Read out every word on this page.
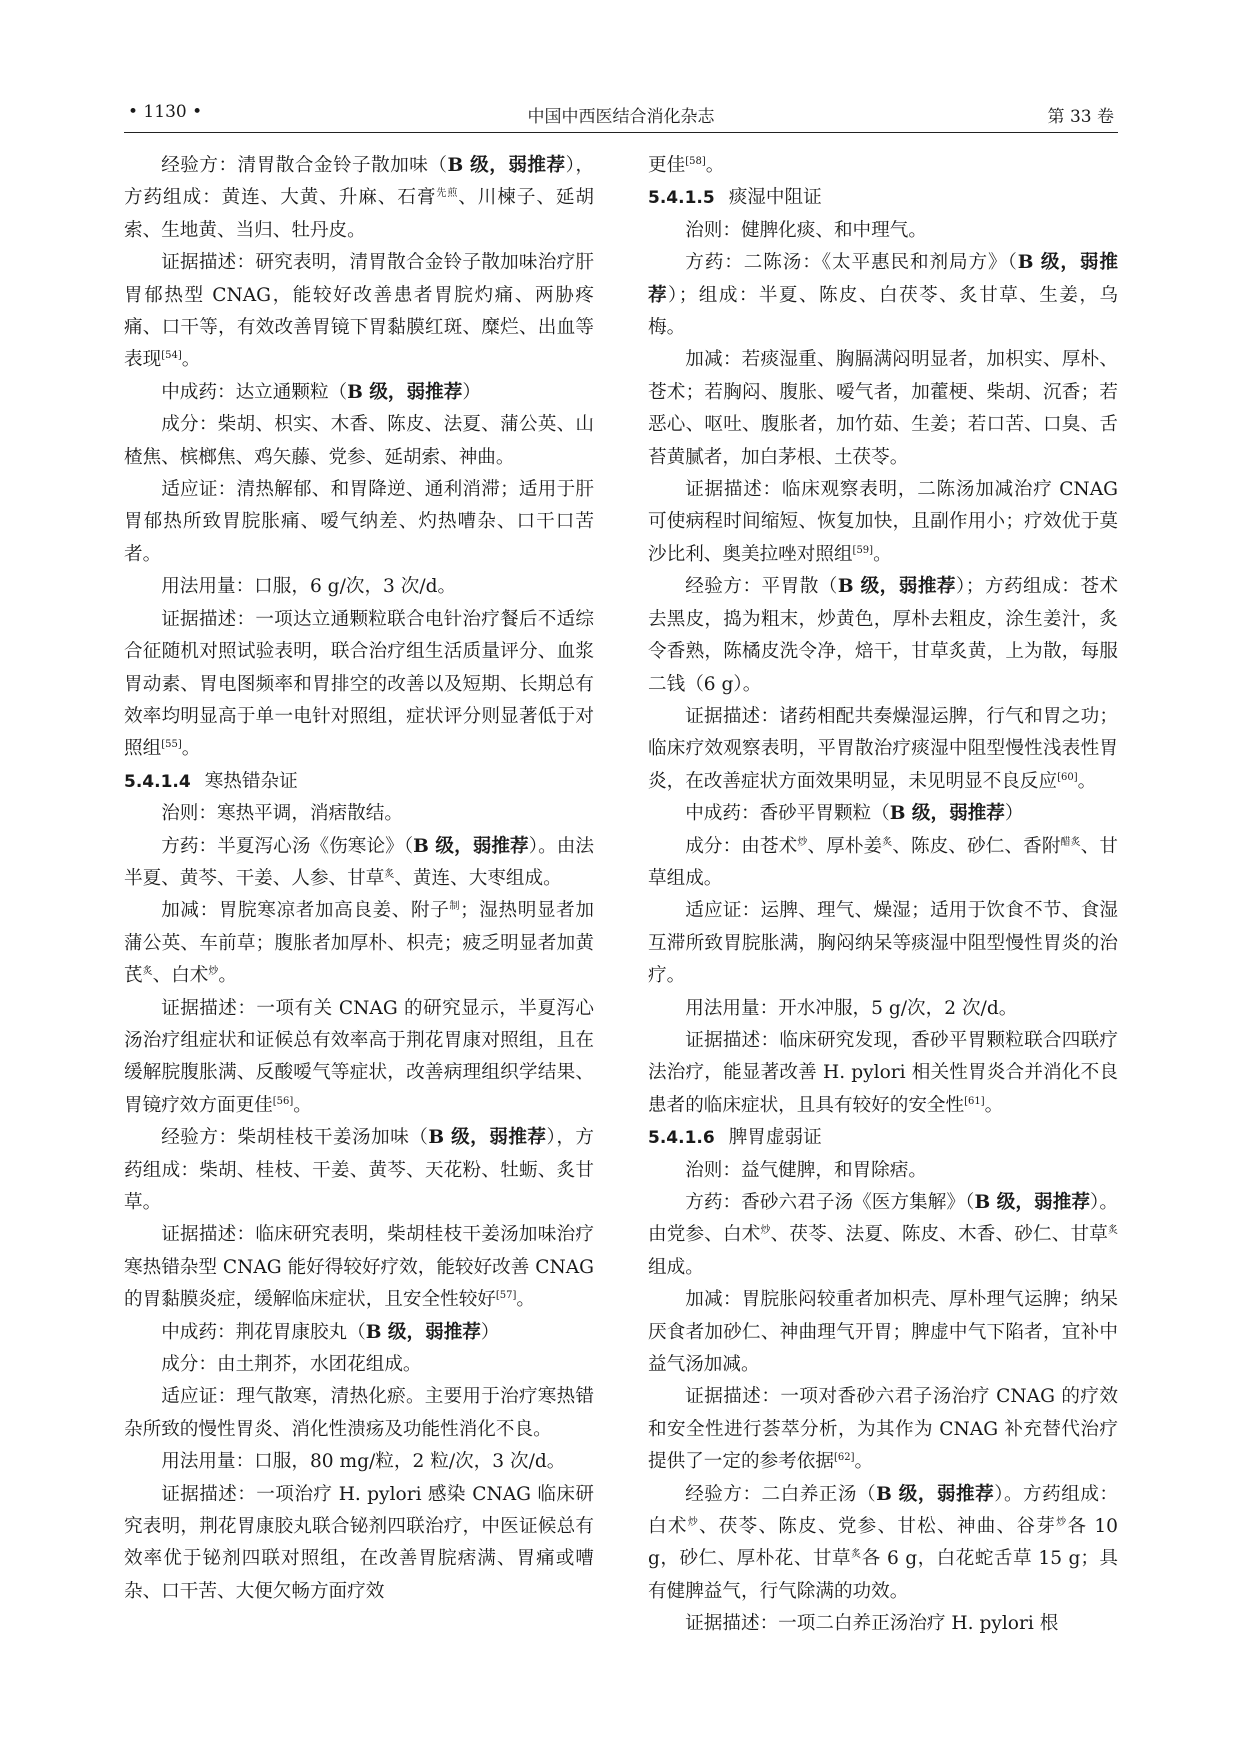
• 1130 •	中国中西医结合消化杂志	第 33 卷

经验方：清胃散合金铃子散加味（B 级，弱推荐），方药组成：黄连、大黄、升麻、石膏$^{先煎}$、川楝子、延胡索、生地黄、当归、牡丹皮。

证据描述：研究表明，清胃散合金铃子散加味治疗肝胃郁热型 CNAG，能较好改善患者胃脘灼痛、两胁疼痛、口干等，有效改善胃镜下胃黏膜红斑、糜烂、出血等表现[54]。

中成药：达立通颗粒（B 级，弱推荐）

成分：柴胡、枳实、木香、陈皮、法夏、蒲公英、山楂焦、槟榔焦、鸡矢藤、党参、延胡索、神曲。

适应证：清热解郁、和胃降逆、通利消滞；适用于肝胃郁热所致胃脘胀痛、嗳气纳差、灼热嘈杂、口干口苦者。

用法用量：口服，6 g/次，3 次/d。

证据描述：一项达立通颗粒联合电针治疗餐后不适综合征随机对照试验表明，联合治疗组生活质量评分、血浆胃动素、胃电图频率和胃排空的改善以及短期、长期总有效率均明显高于单一电针对照组，症状评分则显著低于对照组[55]。

5.4.1.4 寒热错杂证

治则：寒热平调，消痞散结。

方药：半夏泻心汤《伤寒论》（B 级，弱推荐）。由法半夏、黄芩、干姜、人参、甘草$^炙$、黄连、大枣组成。

加减：胃脘寒凉者加高良姜、附子$^制$；湿热明显者加蒲公英、车前草；腹胀者加厚朴、枳壳；疲乏明显者加黄芪$^炙$、白术$^炒$。

证据描述：一项有关 CNAG 的研究显示，半夏泻心汤治疗组症状和证候总有效率高于荆花胃康对照组，且在缓解脘腹胀满、反酸嗳气等症状，改善病理组织学结果、胃镜疗效方面更佳[56]。

经验方：柴胡桂枝干姜汤加味（B 级，弱推荐），方药组成：柴胡、桂枝、干姜、黄芩、天花粉、牡蛎、炙甘草。

证据描述：临床研究表明，柴胡桂枝干姜汤加味治疗寒热错杂型 CNAG 能好得较好疗效，能较好改善 CNAG 的胃黏膜炎症，缓解临床症状，且安全性较好[57]。

中成药：荆花胃康胶丸（B 级，弱推荐）

成分：由土荆芥，水团花组成。

适应证：理气散寒，清热化瘀。主要用于治疗寒热错杂所致的慢性胃炎、消化性溃疡及功能性消化不良。

用法用量：口服，80 mg/粒，2 粒/次，3 次/d。

证据描述：一项治疗 H. pylori 感染 CNAG 临床研究表明，荆花胃康胶丸联合铋剂四联治疗，中医证候总有效率优于铋剂四联对照组，在改善胃脘痞满、胃痛或嘈杂、口干苦、大便欠畅方面疗效

更佳[58]。

5.4.1.5 痰湿中阻证

治则：健脾化痰、和中理气。

方药：二陈汤：《太平惠民和剂局方》（B 级，弱推荐）；组成：半夏、陈皮、白茯苓、炙甘草、生姜，乌梅。

加减：若痰湿重、胸膈满闷明显者，加枳实、厚朴、苍术；若胸闷、腹胀、嗳气者，加藿梗、柴胡、沉香；若恶心、呕吐、腹胀者，加竹茹、生姜；若口苦、口臭、舌苔黄腻者，加白茅根、土茯苓。

证据描述：临床观察表明，二陈汤加减治疗 CNAG 可使病程时间缩短、恢复加快，且副作用小；疗效优于莫沙比利、奥美拉唑对照组[59]。

经验方：平胃散（B 级，弱推荐）；方药组成：苍术去黑皮，捣为粗末，炒黄色，厚朴去粗皮，涂生姜汁，炙令香熟，陈橘皮洗令净，焙干，甘草炙黄，上为散，每服二钱（6 g）。

证据描述：诸药相配共奏燥湿运脾，行气和胃之功；临床疗效观察表明，平胃散治疗痰湿中阻型慢性浅表性胃炎，在改善症状方面效果明显，未见明显不良反应[60]。

中成药：香砂平胃颗粒（B 级，弱推荐）

成分：由苍术$^炒$、厚朴姜$^炙$、陈皮、砂仁、香附$^{醋炙}$、甘草组成。

适应证：运脾、理气、燥湿；适用于饮食不节、食湿互滞所致胃脘胀满，胸闷纳呆等痰湿中阻型慢性胃炎的治疗。

用法用量：开水冲服，5 g/次，2 次/d。

证据描述：临床研究发现，香砂平胃颗粒联合四联疗法治疗，能显著改善 H. pylori 相关性胃炎合并消化不良患者的临床症状，且具有较好的安全性[61]。

5.4.1.6 脾胃虚弱证

治则：益气健脾，和胃除痞。

方药：香砂六君子汤《医方集解》（B 级，弱推荐）。由党参、白术$^炒$、茯苓、法夏、陈皮、木香、砂仁、甘草$^炙$组成。

加减：胃脘胀闷较重者加枳壳、厚朴理气运脾；纳呆厌食者加砂仁、神曲理气开胃；脾虚中气下陷者，宜补中益气汤加减。

证据描述：一项对香砂六君子汤治疗 CNAG 的疗效和安全性进行荟萃分析，为其作为 CNAG 补充替代治疗提供了一定的参考依据[62]。

经验方：二白养正汤（B 级，弱推荐）。方药组成：白术$^炒$、茯苓、陈皮、党参、甘松、神曲、谷芽$^炒$各 10 g，砂仁、厚朴花、甘草$^炙$各 6 g，白花蛇舌草 15 g；具有健脾益气，行气除满的功效。

证据描述：一项二白养正汤治疗 H. pylori 根
